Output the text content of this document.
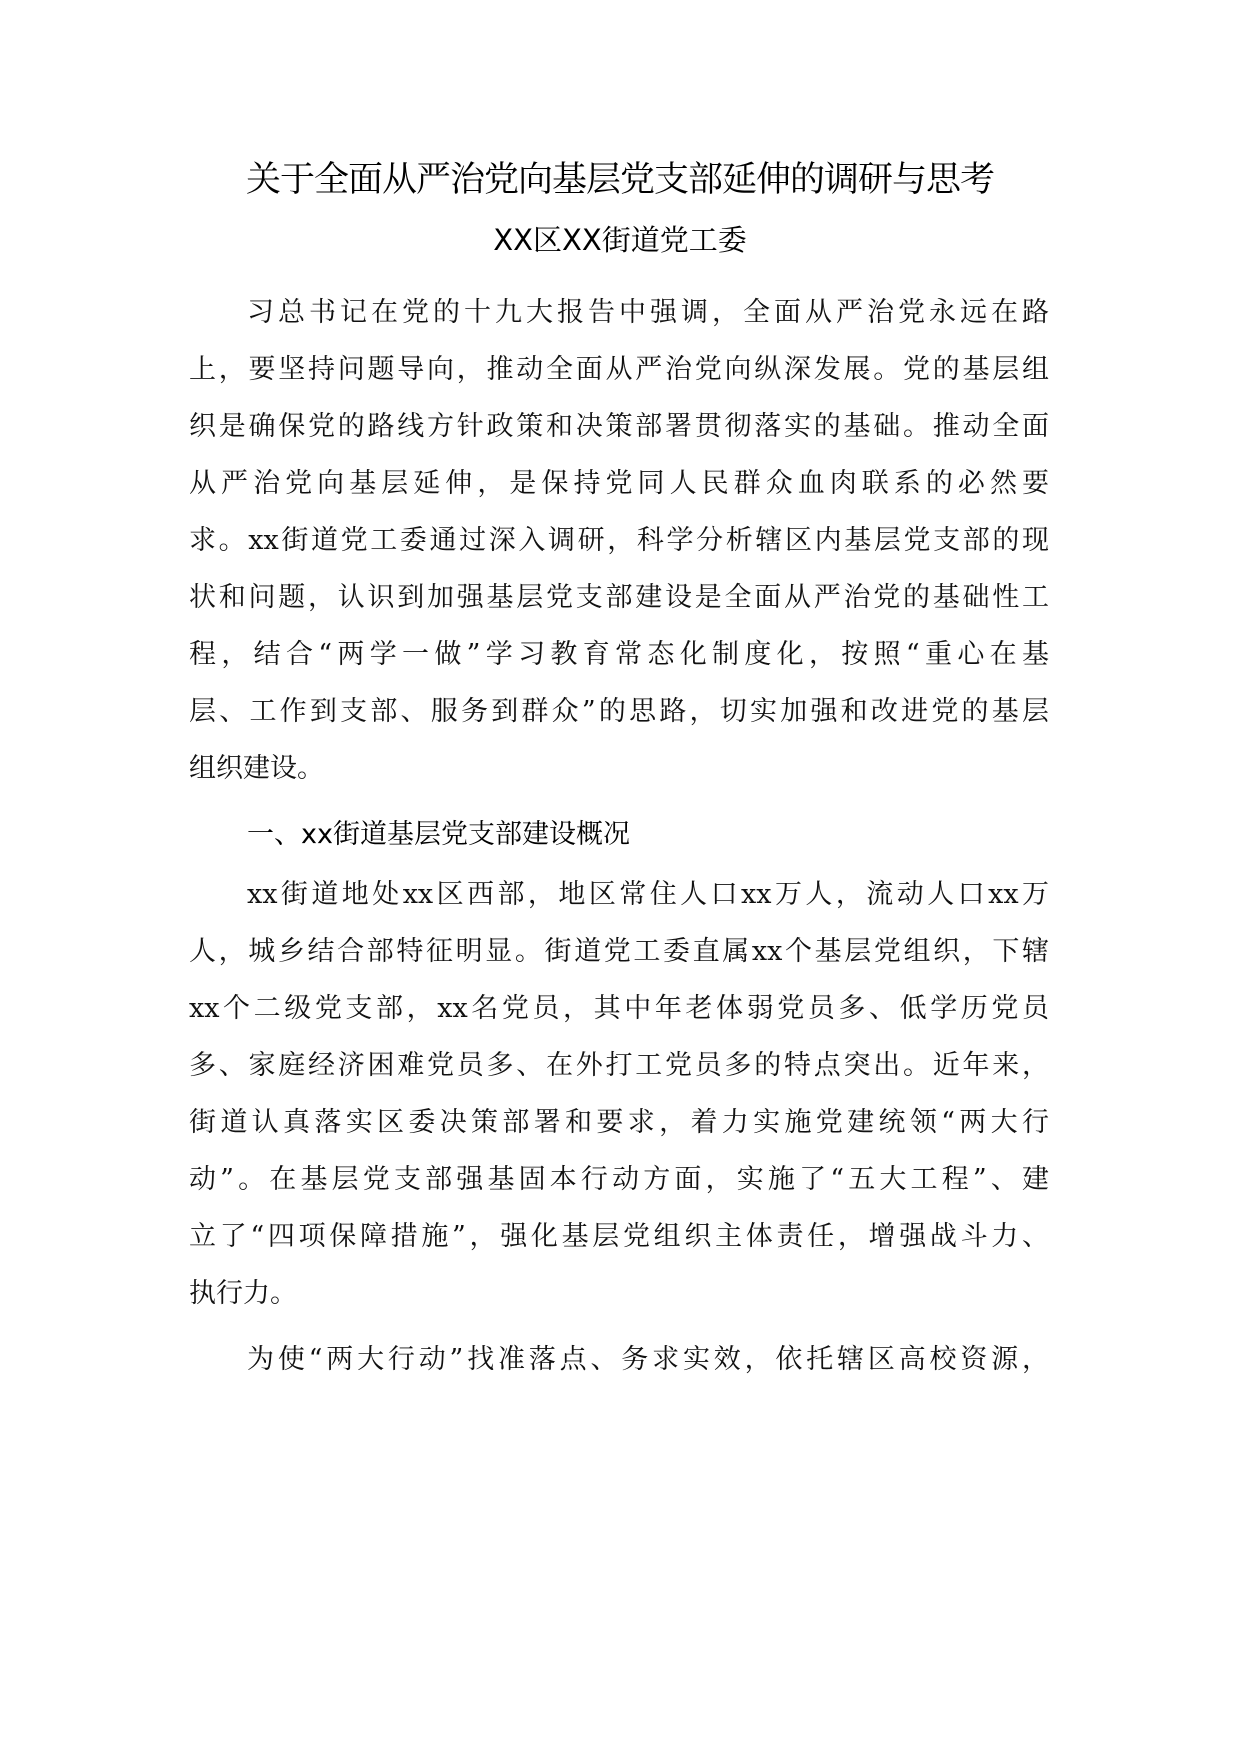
关于全面从严治党向基层党支部延伸的调研与思考
XX区XX街道党工委
习总书记在党的十九大报告中强调，全面从严治党永远在路
上，要坚持问题导向，推动全面从严治党向纵深发展。党的基层组
织是确保党的路线方针政策和决策部署贯彻落实的基础。推动全面
从严治党向基层延伸，是保持党同人民群众血肉联系的必然要
求。xx街道党工委通过深入调研，科学分析辖区内基层党支部的现
状和问题，认识到加强基层党支部建设是全面从严治党的基础性工
程，结合“两学一做”学习教育常态化制度化，按照“重心在基
层、工作到支部、服务到群众”的思路，切实加强和改进党的基层
组织建设。
一、xx街道基层党支部建设概况
xx街道地处xx区西部，地区常住人口xx万人，流动人口xx万
人，城乡结合部特征明显。街道党工委直属xx个基层党组织，下辖
xx个二级党支部，xx名党员，其中年老体弱党员多、低学历党员
多、家庭经济困难党员多、在外打工党员多的特点突出。近年来，
街道认真落实区委决策部署和要求，着力实施党建统领“两大行
动”。在基层党支部强基固本行动方面，实施了“五大工程”、建
立了“四项保障措施”，强化基层党组织主体责任，增强战斗力、
执行力。
为使“两大行动”找准落点、务求实效，依托辖区高校资源，
